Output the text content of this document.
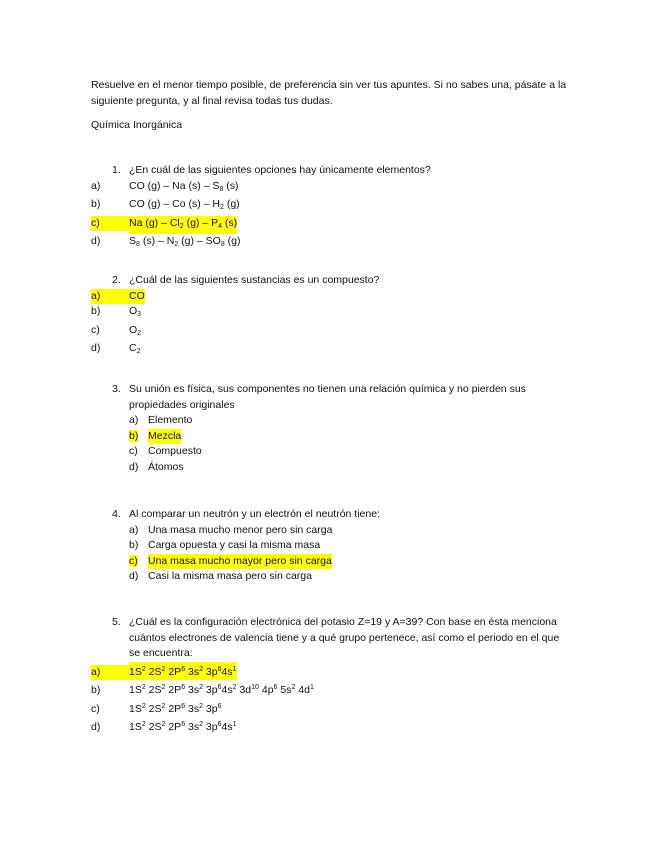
Resuelve en el menor tiempo posible, de preferencia sin ver tus apuntes. Si no sabes una, pásate a la siguiente pregunta, y al final revisa todas tus dudas.
Química Inorgánica
1. ¿En cuál de las siguientes opciones hay únicamente elementos?
a)	CO (g) – Na $(s) - S_8$ (s)
b)	CO (g) – Co $(s) - H_2$ (g)
c)	Na $(g) - Cl_2$ $(g) - P_4$ (s)
d)	$S_8$ $(s) - N_2$ $(g) - SO_8$ (g)
2. ¿Cuál de las siguientes sustancias es un compuesto?
a)	CO
b)	$O_3$
c)	$O_2$
d)	$C_2$
3. Su unión es física, sus componentes no tienen una relación química y no pierden sus propiedades originales
a) Elemento
b) Mezcla
c) Compuesto
d) Átomos
4. Al comparar un neutrón y un electrón el neutrón tiene:
a) Una masa mucho menor pero sin carga
b) Carga opuesta y casi la misma masa
c) Una masa mucho mayor pero sin carga
d) Casi la misma masa pero sin carga
5. ¿Cuál es la configuración electrónica del potasio Z=19 y A=39? Con base en ésta menciona cuántos electrones de valencia tiene y a qué grupo pertenece, así como el periodo en el que se encuentra:
a)	$1S^2$ $2S^2$ $2P^6$ $3s^2$ $3p^64s^1$
b)	$1S^2$ $2S^2$ $2P^6$ $3s^2$ $3p^64s^2$ $3d^{10}$ $4p^6$ $5s^2$ $4d^1$
c)	$1S^2$ $2S^2$ $2P^6$ $3s^2$ $3p^6$
d)	$1S^2$ $2S^2$ $2P^6$ $3s^2$ $3p^64s^1$
